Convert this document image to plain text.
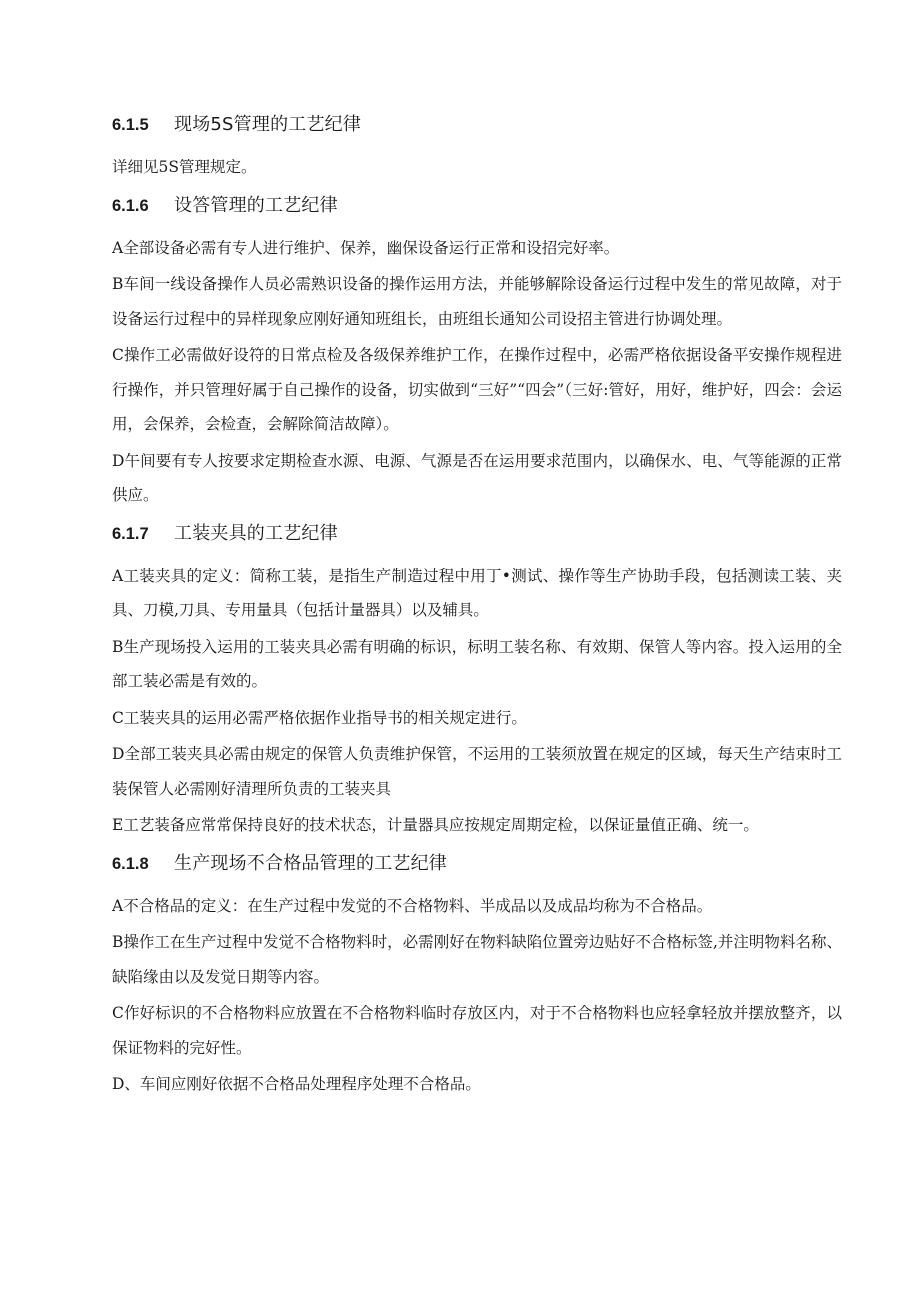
6.1.5	现场5S管理的工艺纪律

详细见5S管理规定。

6.1.6	设答管理的工艺纪律

A全部设备必需有专人进行维护、保养，幽保设备运行正常和设招完好率。

B车间一线设备操作人员必需熟识设备的操作运用方法，并能够解除设备运行过程中发生的常见故障，对于设备运行过程中的异样现象应刚好通知班组长，由班组长通知公司设招主管进行协调处理。

C操作工必需做好设符的日常点检及各级保养维护工作，在操作过程中，必需严格依据设备平安操作规程进行操作，并只管理好属于自己操作的设备，切实做到“三好”“四会”（三好:管好，用好，维护好，四会：会运用，会保养，会检查，会解除简洁故障）。

D午间要有专人按要求定期检查水源、电源、气源是否在运用要求范围内，以确保水、电、气等能源的正常供应。

6.1.7	工装夹具的工艺纪律

A工装夹具的定义：简称工装，是指生产制造过程中用丁•测试、操作等生产协助手段，包括测读工装、夹具、刀模,刀具、专用量具（包括计量器具）以及辅具。

B生产现场投入运用的工装夹具必需有明确的标识，标明工装名称、有效期、保管人等内容。投入运用的全部工装必需是有效的。

C工装夹具的运用必需严格依据作业指导书的相关规定进行。

D全部工装夹具必需由规定的保管人负责维护保管，不运用的工装须放置在规定的区域，每天生产结束时工装保管人必需刚好清理所负责的工装夹具

E工艺装备应常常保持良好的技术状态，计量器具应按规定周期定检，以保证量值正确、统一。

6.1.8	生产现场不合格品管理的工艺纪律

A不合格品的定义：在生产过程中发觉的不合格物料、半成品以及成品均称为不合格品。

B操作工在生产过程中发觉不合格物料时，必需刚好在物料缺陷位置旁边贴好不合格标签,并注明物料名称、缺陷缘由以及发觉日期等内容。

C作好标识的不合格物料应放置在不合格物料临时存放区内，对于不合格物料也应轻拿轻放并摆放整齐，以保证物料的完好性。

D、车间应刚好依据不合格品处理程序处理不合格品。
